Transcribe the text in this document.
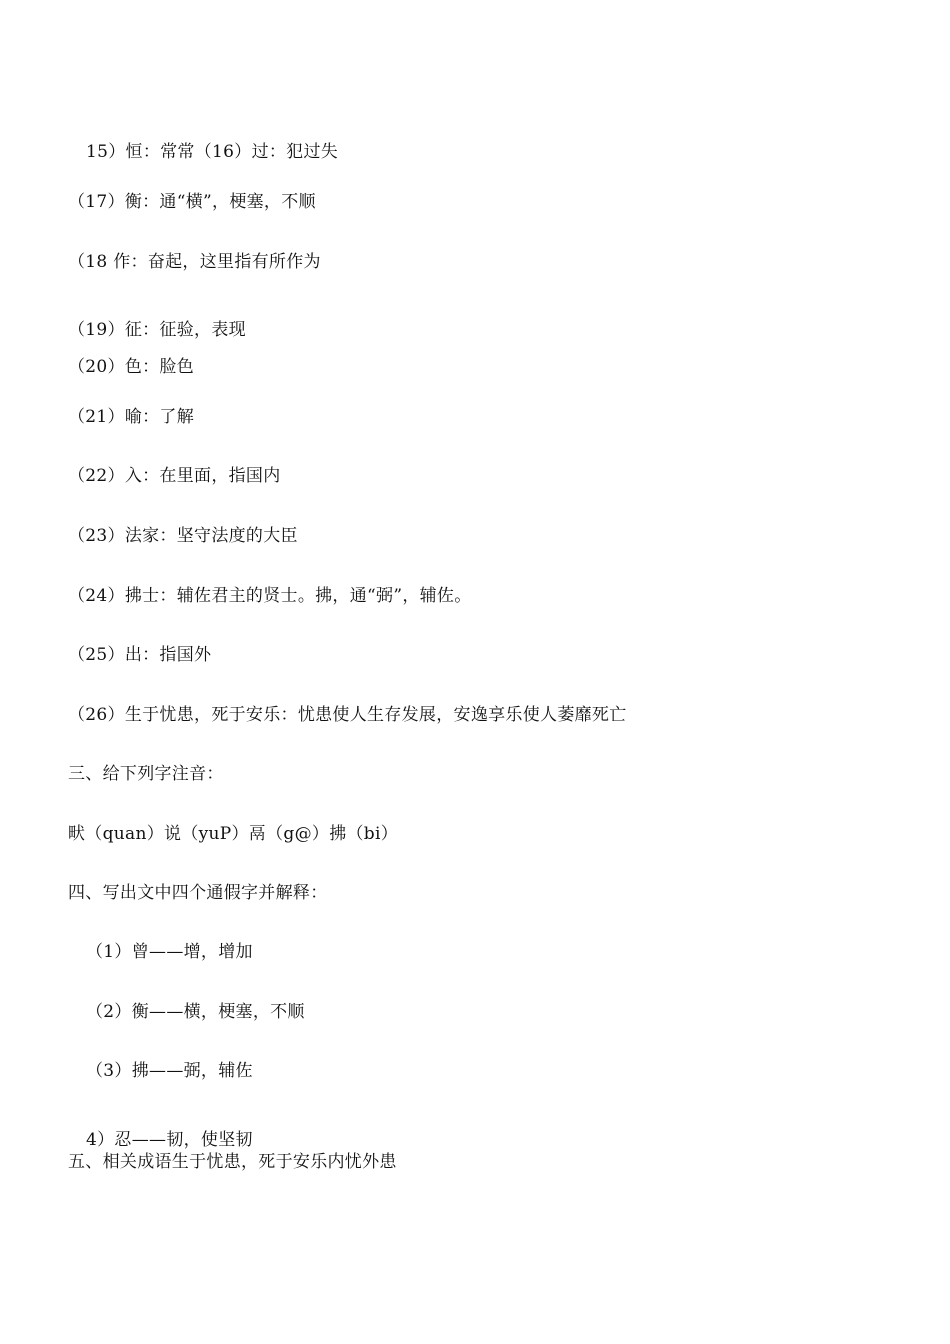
15）恒：常常（16）过：犯过失
（17）衡：通“横”，梗塞，不顺
（18 作：奋起，这里指有所作为
（19）征：征验，表现
（20）色：脸色
（21）喻：了解
（22）入：在里面，指国内
（23）法家：坚守法度的大臣
（24）拂士：辅佐君主的贤士。拂，通“弼”，辅佐。
（25）出：指国外
（26）生于忧患，死于安乐：忧患使人生存发展，安逸享乐使人萎靡死亡
三、给下列字注音：
畎（quan）说（yuP）鬲（g@）拂（bi）
四、写出文中四个通假字并解释：
（1）曾——增，增加
（2）衡——横，梗塞，不顺
（3）拂——弼，辅佐
4）忍——韧，使坚韧
五、相关成语生于忧患，死于安乐内忧外患
